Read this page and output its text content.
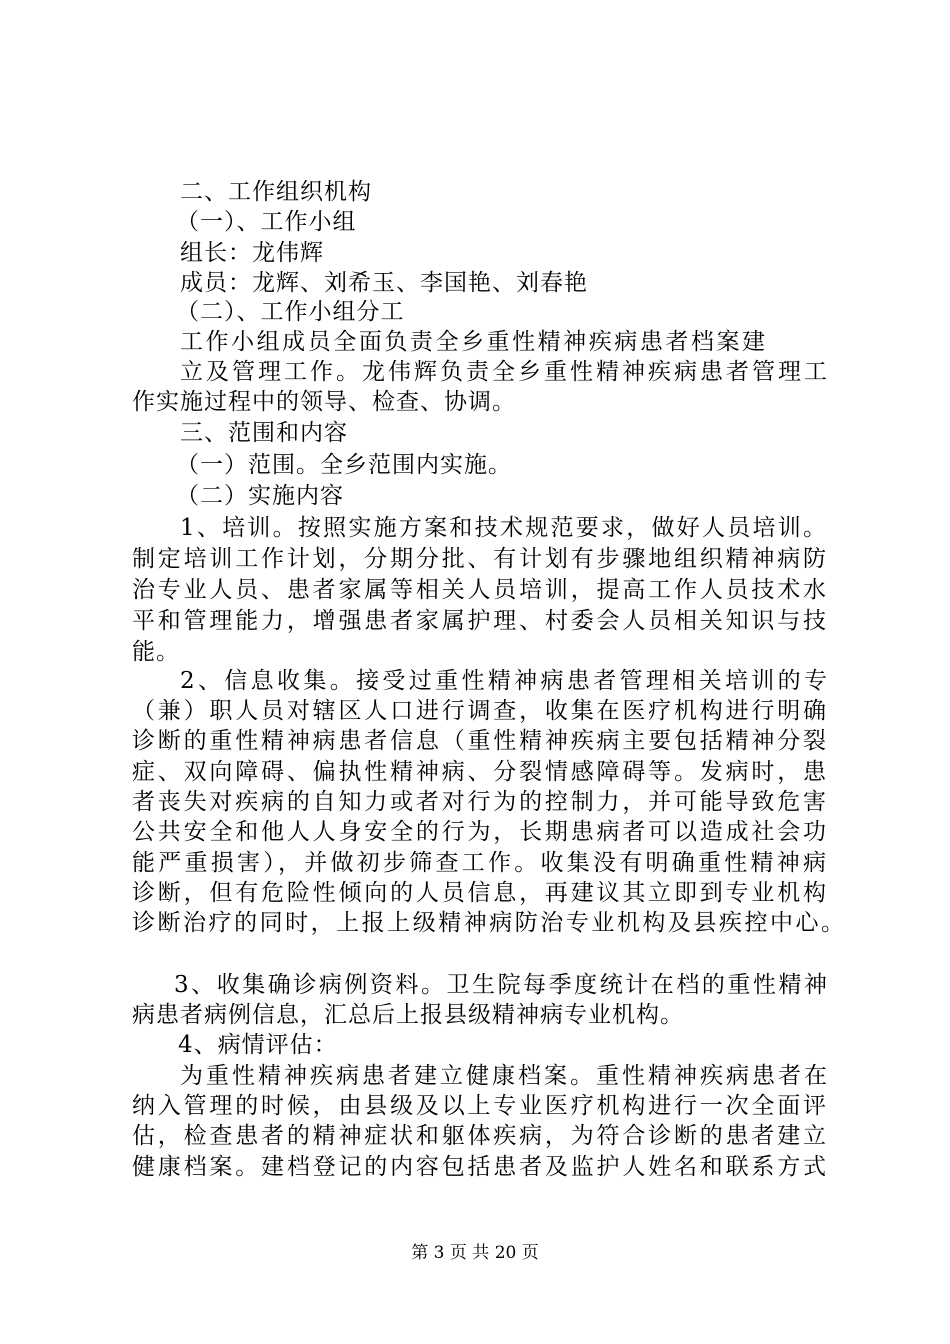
二、工作组织机构
（一）、工作小组
组长：龙伟辉
成员：龙辉、刘希玉、李国艳、刘春艳
（二）、工作小组分工
工作小组成员全面负责全乡重性精神疾病患者档案建
立及管理工作。龙伟辉负责全乡重性精神疾病患者管理工
作实施过程中的领导、检查、协调。
三、范围和内容
（一）范围。全乡范围内实施。
（二）实施内容
1、培训。按照实施方案和技术规范要求，做好人员培训。
制定培训工作计划，分期分批、有计划有步骤地组织精神病防
治专业人员、患者家属等相关人员培训，提高工作人员技术水
平和管理能力，增强患者家属护理、村委会人员相关知识与技
能。
2、信息收集。接受过重性精神病患者管理相关培训的专
（兼）职人员对辖区人口进行调查，收集在医疗机构进行明确
诊断的重性精神病患者信息（重性精神疾病主要包括精神分裂
症、双向障碍、偏执性精神病、分裂情感障碍等。发病时，患
者丧失对疾病的自知力或者对行为的控制力，并可能导致危害
公共安全和他人人身安全的行为，长期患病者可以造成社会功
能严重损害），并做初步筛查工作。收集没有明确重性精神病
诊断，但有危险性倾向的人员信息，再建议其立即到专业机构
诊断治疗的同时，上报上级精神病防治专业机构及县疾控中心。
3、收集确诊病例资料。卫生院每季度统计在档的重性精神
病患者病例信息，汇总后上报县级精神病专业机构。
4、病情评估：
为重性精神疾病患者建立健康档案。重性精神疾病患者在
纳入管理的时候，由县级及以上专业医疗机构进行一次全面评
估，检查患者的精神症状和躯体疾病，为符合诊断的患者建立
健康档案。建档登记的内容包括患者及监护人姓名和联系方式
第 3 页 共 20 页
